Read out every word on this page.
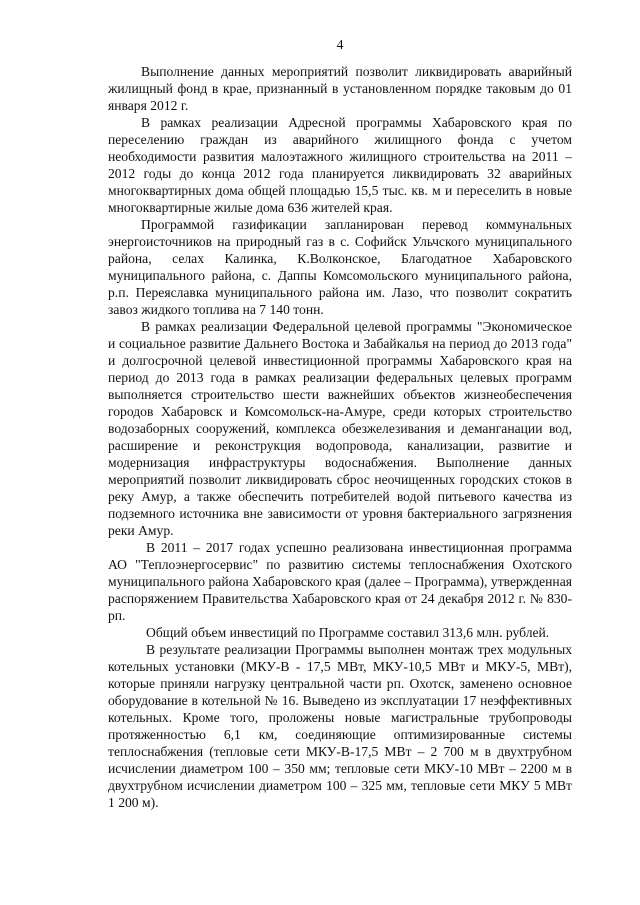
4

Выполнение данных мероприятий позволит ликвидировать аварийный жилищный фонд в крае, признанный в установленном порядке таковым до 01 января 2012 г.

В рамках реализации Адресной программы Хабаровского края по переселению граждан из аварийного жилищного фонда с учетом необходимости развития малоэтажного жилищного строительства на 2011 – 2012 годы до конца 2012 года планируется ликвидировать 32 аварийных многоквартирных дома общей площадью 15,5 тыс. кв. м и переселить в новые многоквартирные жилые дома 636 жителей края.

Программой газификации запланирован перевод коммунальных энергоисточников на природный газ в с. Софийск Ульчского муниципального района, селах Калинка, К.Волконское, Благодатное Хабаровского муниципального района, с. Даппы Комсомольского муниципального района, р.п. Переяславка муниципального района им. Лазо, что позволит сократить завоз жидкого топлива на 7 140 тонн.

В рамках реализации Федеральной целевой программы "Экономическое и социальное развитие Дальнего Востока и Забайкалья на период до 2013 года" и долгосрочной целевой инвестиционной программы Хабаровского края на период до 2013 года в рамках реализации федеральных целевых программ выполняется строительство шести важнейших объектов жизнеобеспечения городов Хабаровск и Комсомольск-на-Амуре, среди которых строительство водозаборных сооружений, комплекса обезжелезивания и деманганации вод, расширение и реконструкция водопровода, канализации, развитие и модернизация инфраструктуры водоснабжения. Выполнение данных мероприятий позволит ликвидировать сброс неочищенных городских стоков в реку Амур, а также обеспечить потребителей водой питьевого качества из подземного источника вне зависимости от уровня бактериального загрязнения реки Амур.

В 2011 – 2017 годах успешно реализована инвестиционная программа АО "Теплоэнергосервис" по развитию системы теплоснабжения Охотского муниципального района Хабаровского края (далее – Программа), утвержденная распоряжением Правительства Хабаровского края от 24 декабря 2012 г. № 830-рп.

Общий объем инвестиций по Программе составил 313,6 млн. рублей.

В результате реализации Программы выполнен монтаж трех модульных котельных установки (МКУ-В - 17,5 МВт, МКУ-10,5 МВт и МКУ-5, МВт), которые приняли нагрузку центральной части рп. Охотск, заменено основное оборудование в котельной № 16. Выведено из эксплуатации 17 неэффективных котельных. Кроме того, проложены новые магистральные трубопроводы протяженностью 6,1 км, соединяющие оптимизированные системы теплоснабжения (тепловые сети МКУ-В-17,5 МВт – 2 700 м в двухтрубном исчислении диаметром 100 – 350 мм; тепловые сети МКУ-10 МВт – 2200 м в двухтрубном исчислении диаметром 100 – 325 мм, тепловые сети МКУ 5 МВт 1 200 м).
